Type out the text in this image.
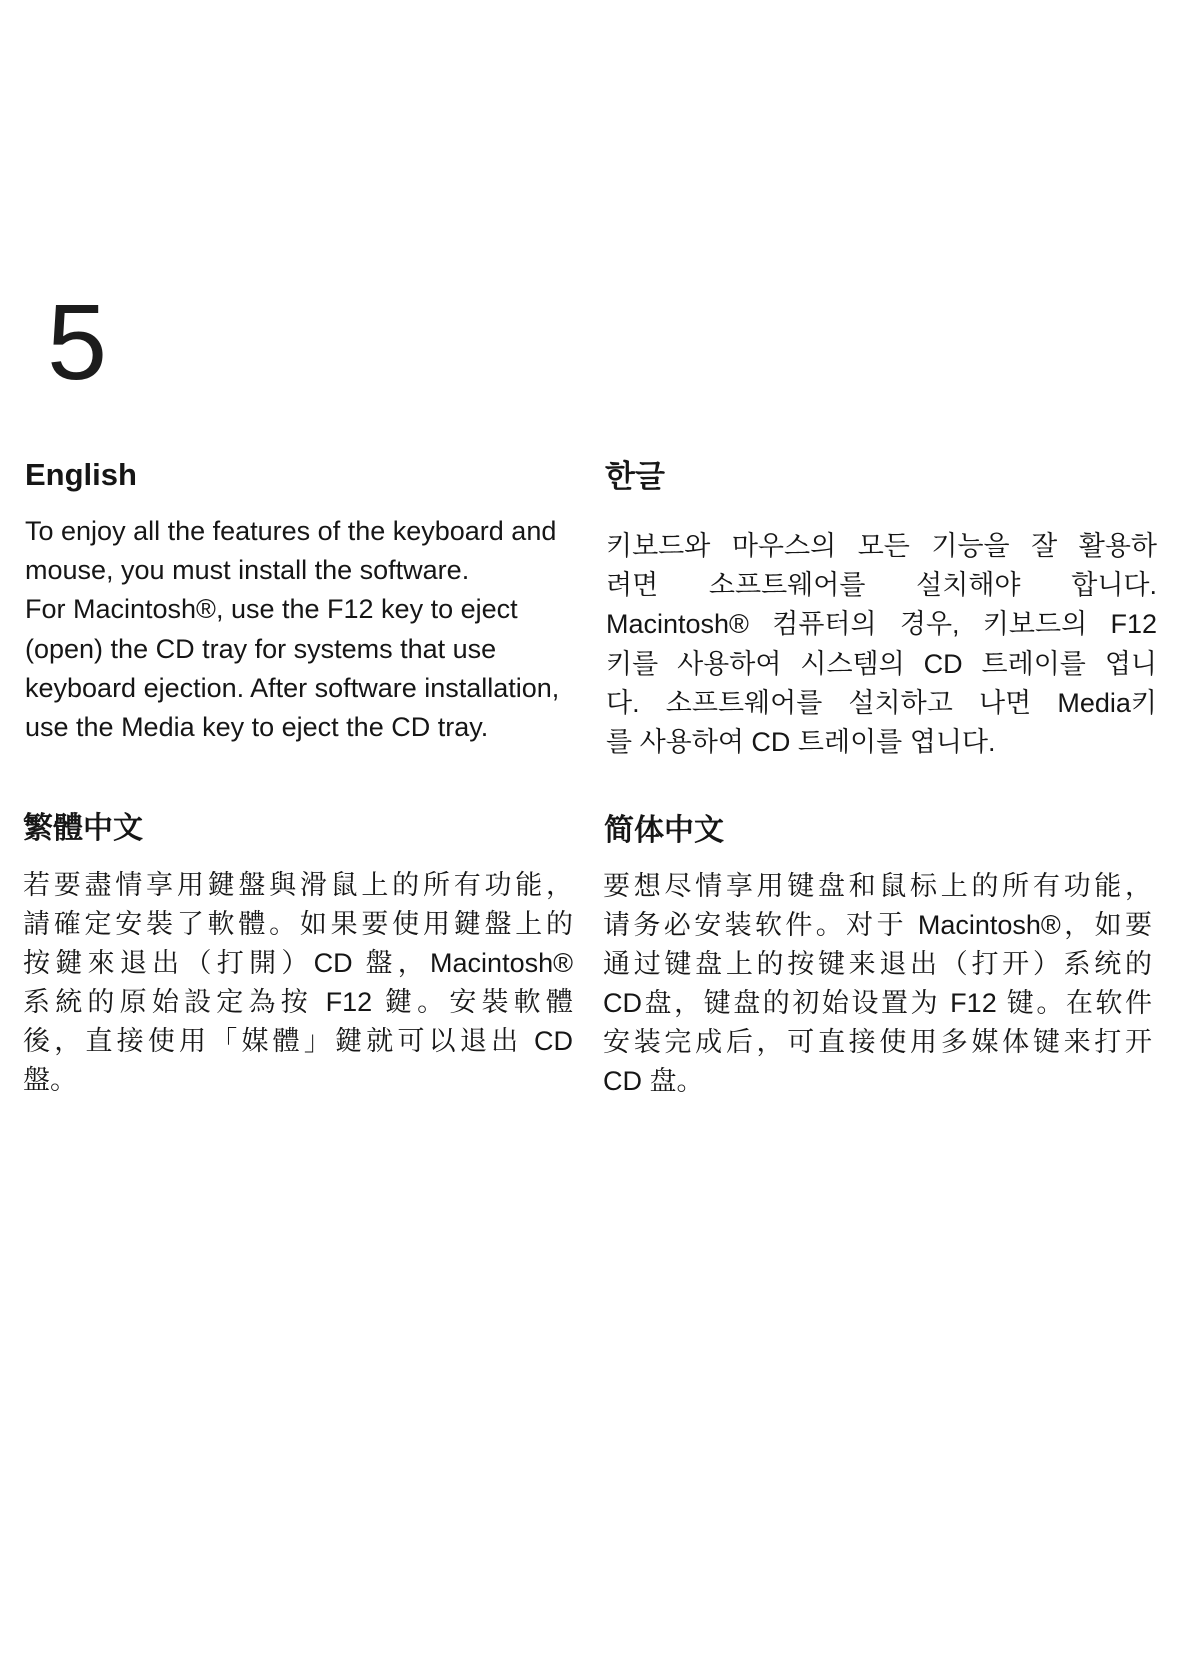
5
English
To enjoy all the features of the keyboard and
mouse, you must install the software.
For Macintosh®, use the F12 key to eject
(open) the CD tray for systems that use
keyboard ejection. After software installation,
use the Media key to eject the CD tray.
한글
키보드와 마우스의 모든 기능을 잘 활용하
려면 소프트웨어를 설치해야 합니다.
Macintosh® 컴퓨터의 경우, 키보드의 F12
키를 사용하여 시스템의 CD 트레이를 엽니
다. 소프트웨어를 설치하고 나면 Media키
를 사용하여 CD 트레이를 엽니다.
繁體中文
若要盡情享用鍵盤與滑鼠上的所有功能，
請確定安裝了軟體。如果要使用鍵盤上的
按鍵來退出（打開）CD 盤，Macintosh®
系統的原始設定為按 F12 鍵。安裝軟體
後，直接使用「媒體」鍵就可以退出 CD
盤。
简体中文
要想尽情享用键盘和鼠标上的所有功能，
请务必安装软件。对于 Macintosh®，如要
通过键盘上的按键来退出（打开）系统的
CD盘，键盘的初始设置为 F12 键。在软件
安装完成后，可直接使用多媒体键来打开
CD 盘。
